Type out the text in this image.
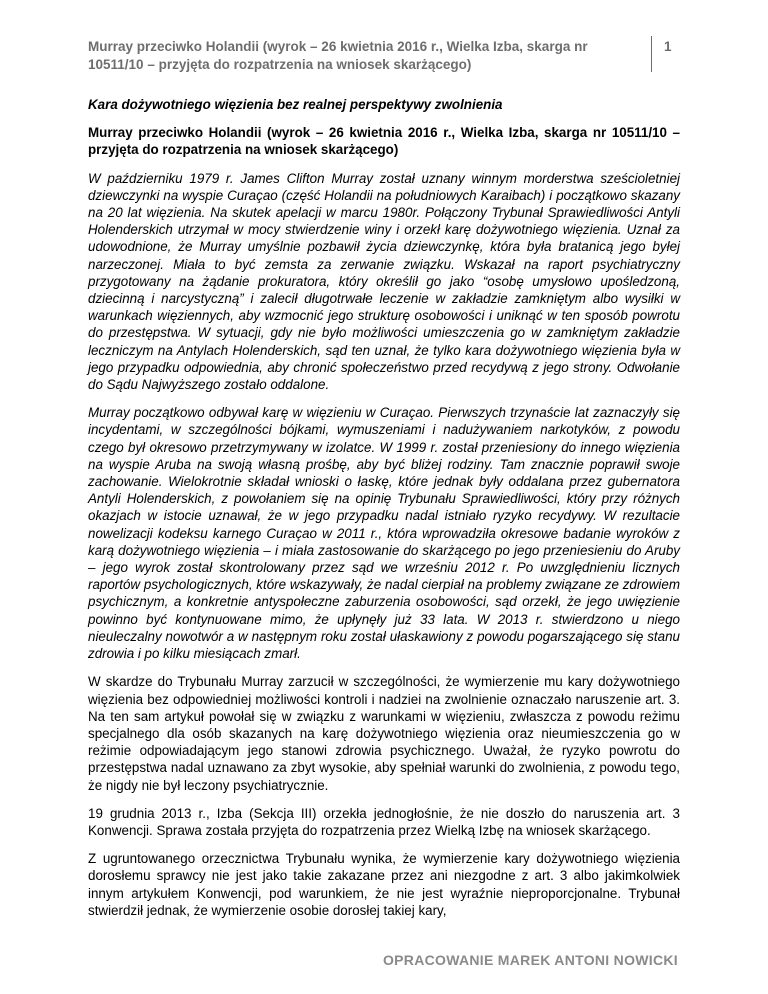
Murray przeciwko Holandii (wyrok – 26 kwietnia 2016 r., Wielka Izba, skarga nr
10511/10 – przyjęta do rozpatrzenia na wniosek skarżącego)
1

Kara dożywotniego więzienia bez realnej perspektywy zwolnienia

Murray przeciwko Holandii (wyrok – 26 kwietnia 2016 r., Wielka Izba, skarga nr 10511/10 – przyjęta do rozpatrzenia na wniosek skarżącego)

W październiku 1979 r. James Clifton Murray został uznany winnym morderstwa sześcioletniej dziewczynki na wyspie Curaçao (część Holandii na południowych Karaibach) i początkowo skazany na 20 lat więzienia. Na skutek apelacji w marcu 1980r. Połączony Trybunał Sprawiedliwości Antyli Holenderskich utrzymał w mocy stwierdzenie winy i orzekł karę dożywotniego więzienia. Uznał za udowodnione, że Murray umyślnie pozbawił życia dziewczynkę, która była bratanicą jego byłej narzeczonej. Miała to być zemsta za zerwanie związku. Wskazał na raport psychiatryczny przygotowany na żądanie prokuratora, który określił go jako “osobę umysłowo upośledzoną, dziecinną i narcystyczną” i zalecił długotrwałe leczenie w zakładzie zamkniętym albo wysiłki w warunkach więziennych, aby wzmocnić jego strukturę osobowości i uniknąć w ten sposób powrotu do przestępstwa. W sytuacji, gdy nie było możliwości umieszczenia go w zamkniętym zakładzie leczniczym na Antylach Holenderskich, sąd ten uznał, że tylko kara dożywotniego więzienia była w jego przypadku odpowiednia, aby chronić społeczeństwo przed recydywą z jego strony. Odwołanie do Sądu Najwyższego zostało oddalone.

Murray początkowo odbywał karę w więzieniu w Curaçao. Pierwszych trzynaście lat zaznaczyły się incydentami, w szczególności bójkami, wymuszeniami i nadużywaniem narkotyków, z powodu czego był okresowo przetrzymywany w izolatce. W 1999 r. został przeniesiony do innego więzienia na wyspie Aruba na swoją własną prośbę, aby być bliżej rodziny. Tam znacznie poprawił swoje zachowanie. Wielokrotnie składał wnioski o łaskę, które jednak były oddalana przez gubernatora Antyli Holenderskich, z powołaniem się na opinię Trybunału Sprawiedliwości, który przy różnych okazjach w istocie uznawał, że w jego przypadku nadal istniało ryzyko recydywy. W rezultacie nowelizacji kodeksu karnego Curaçao w 2011 r., która wprowadziła okresowe badanie wyroków z karą dożywotniego więzienia – i miała zastosowanie do skarżącego po jego przeniesieniu do Aruby – jego wyrok został skontrolowany przez sąd we wrześniu 2012 r. Po uwzględnieniu licznych raportów psychologicznych, które wskazywały, że nadal cierpiał na problemy związane ze zdrowiem psychicznym, a konkretnie antyspołeczne zaburzenia osobowości, sąd orzekł, że jego uwięzienie powinno być kontynuowane mimo, że upłynęły już 33 lata. W 2013 r. stwierdzono u niego nieuleczalny nowotwór a w następnym roku został ułaskawiony z powodu pogarszającego się stanu zdrowia i po kilku miesiącach zmarł.

W skardze do Trybunału Murray zarzucił w szczególności, że wymierzenie mu kary dożywotniego więzienia bez odpowiedniej możliwości kontroli i nadziei na zwolnienie oznaczało naruszenie art. 3. Na ten sam artykuł powołał się w związku z warunkami w więzieniu, zwłaszcza z powodu reżimu specjalnego dla osób skazanych na karę dożywotniego więzienia oraz nieumieszczenia go w reżimie odpowiadającym jego stanowi zdrowia psychicznego. Uważał, że ryzyko powrotu do przestępstwa nadal uznawano za zbyt wysokie, aby spełniał warunki do zwolnienia, z powodu tego, że nigdy nie był leczony psychiatrycznie.

19 grudnia 2013 r., Izba (Sekcja III) orzekła jednogłośnie, że nie doszło do naruszenia art. 3 Konwencji. Sprawa została przyjęta do rozpatrzenia przez Wielką Izbę na wniosek skarżącego.

Z ugruntowanego orzecznictwa Trybunału wynika, że wymierzenie kary dożywotniego więzienia dorosłemu sprawcy nie jest jako takie zakazane przez ani niezgodne z art. 3 albo jakimkolwiek innym artykułem Konwencji, pod warunkiem, że nie jest wyraźnie nieproporcjonalne. Trybunał stwierdził jednak, że wymierzenie osobie dorosłej takiej kary,

OPRACOWANIE MAREK ANTONI NOWICKI
